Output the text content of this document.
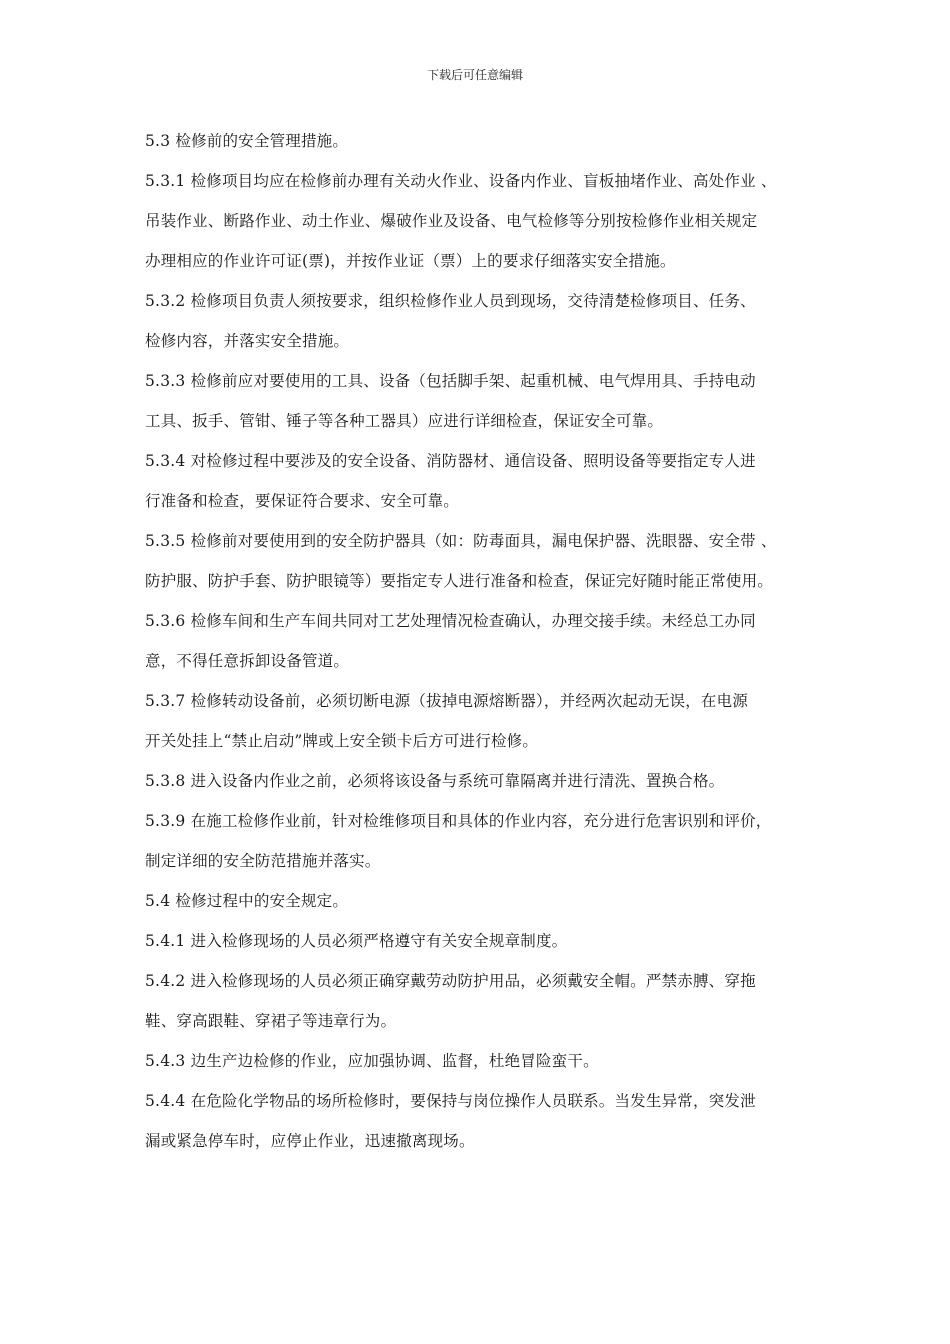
下载后可任意编辑

5.3 检修前的安全管理措施。

5.3.1 检修项目均应在检修前办理有关动火作业、设备内作业、盲板抽堵作业、高处作业 、
吊装作业、断路作业、动土作业、爆破作业及设备、电气检修等分别按检修作业相关规定
办理相应的作业许可证(票)，并按作业证（票）上的要求仔细落实安全措施。

5.3.2 检修项目负责人须按要求，组织检修作业人员到现场，交待清楚检修项目、任务、
检修内容，并落实安全措施。

5.3.3 检修前应对要使用的工具、设备（包括脚手架、起重机械、电气焊用具、手持电动
工具、扳手、管钳、锤子等各种工器具）应进行详细检查，保证安全可靠。

5.3.4 对检修过程中要涉及的安全设备、消防器材、通信设备、照明设备等要指定专人进
行准备和检查，要保证符合要求、安全可靠。

5.3.5 检修前对要使用到的安全防护器具（如：防毒面具，漏电保护器、洗眼器、安全带 、
防护服、防护手套、防护眼镜等）要指定专人进行准备和检查，保证完好随时能正常使用。

5.3.6 检修车间和生产车间共同对工艺处理情况检查确认，办理交接手续。未经总工办同
意，不得任意拆卸设备管道。

5.3.7 检修转动设备前，必须切断电源（拔掉电源熔断器），并经两次起动无误，在电源
开关处挂上“禁止启动”牌或上安全锁卡后方可进行检修。

5.3.8 进入设备内作业之前，必须将该设备与系统可靠隔离并进行清洗、置换合格。

5.3.9 在施工检修作业前，针对检维修项目和具体的作业内容，充分进行危害识别和评价，
制定详细的安全防范措施并落实。

5.4 检修过程中的安全规定。

5.4.1 进入检修现场的人员必须严格遵守有关安全规章制度。

5.4.2 进入检修现场的人员必须正确穿戴劳动防护用品，必须戴安全帽。严禁赤膊、穿拖
鞋、穿高跟鞋、穿裙子等违章行为。

5.4.3 边生产边检修的作业，应加强协调、监督，杜绝冒险蛮干。

5.4.4 在危险化学物品的场所检修时，要保持与岗位操作人员联系。当发生异常，突发泄
漏或紧急停车时，应停止作业，迅速撤离现场。
